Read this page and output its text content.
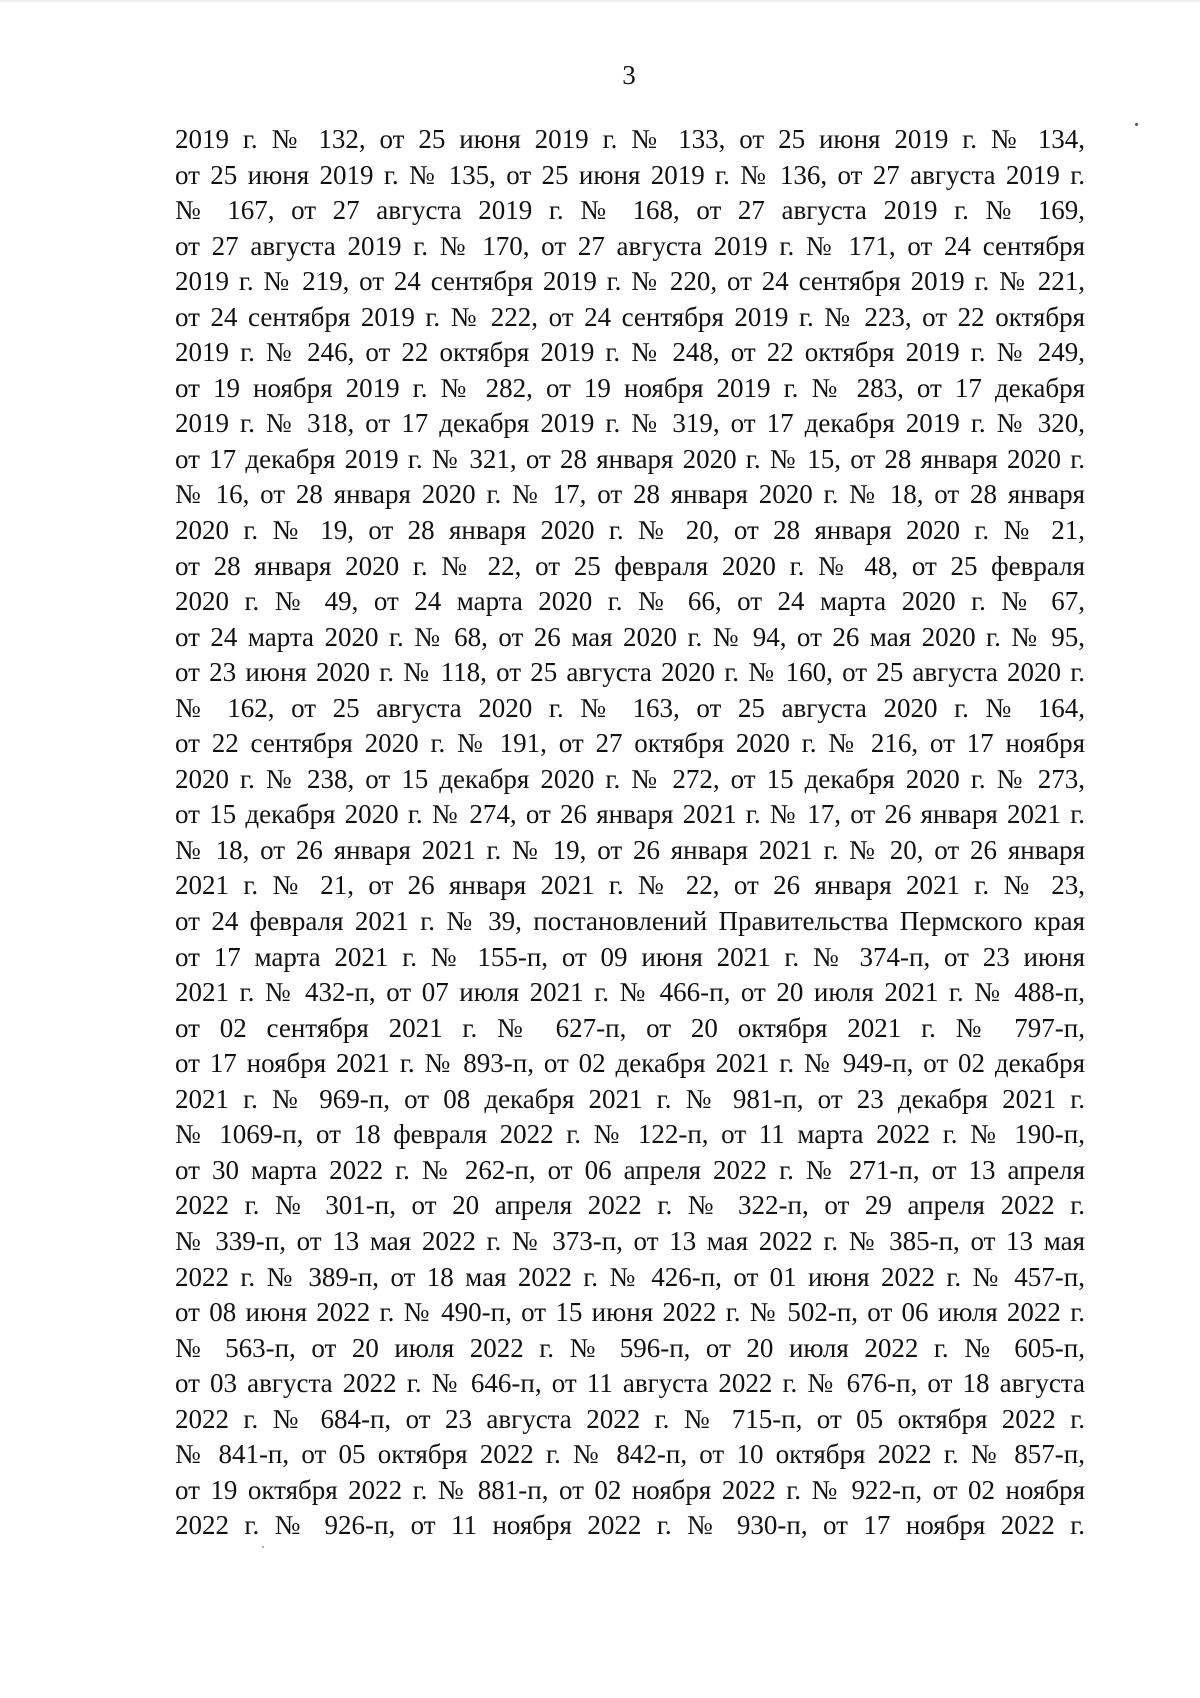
3
2019 г. № 132, от 25 июня 2019 г. № 133, от 25 июня 2019 г. № 134,
от 25 июня 2019 г. № 135, от 25 июня 2019 г. № 136, от 27 августа 2019 г.
№ 167, от 27 августа 2019 г. № 168, от 27 августа 2019 г. № 169,
от 27 августа 2019 г. № 170, от 27 августа 2019 г. № 171, от 24 сентября
2019 г. № 219, от 24 сентября 2019 г. № 220, от 24 сентября 2019 г. № 221,
от 24 сентября 2019 г. № 222, от 24 сентября 2019 г. № 223, от 22 октября
2019 г. № 246, от 22 октября 2019 г. № 248, от 22 октября 2019 г. № 249,
от 19 ноября 2019 г. № 282, от 19 ноября 2019 г. № 283, от 17 декабря
2019 г. № 318, от 17 декабря 2019 г. № 319, от 17 декабря 2019 г. № 320,
от 17 декабря 2019 г. № 321, от 28 января 2020 г. № 15, от 28 января 2020 г.
№ 16, от 28 января 2020 г. № 17, от 28 января 2020 г. № 18, от 28 января
2020 г. № 19, от 28 января 2020 г. № 20, от 28 января 2020 г. № 21,
от 28 января 2020 г. № 22, от 25 февраля 2020 г. № 48, от 25 февраля
2020 г. № 49, от 24 марта 2020 г. № 66, от 24 марта 2020 г. № 67,
от 24 марта 2020 г. № 68, от 26 мая 2020 г. № 94, от 26 мая 2020 г. № 95,
от 23 июня 2020 г. № 118, от 25 августа 2020 г. № 160, от 25 августа 2020 г.
№ 162, от 25 августа 2020 г. № 163, от 25 августа 2020 г. № 164,
от 22 сентября 2020 г. № 191, от 27 октября 2020 г. № 216, от 17 ноября
2020 г. № 238, от 15 декабря 2020 г. № 272, от 15 декабря 2020 г. № 273,
от 15 декабря 2020 г. № 274, от 26 января 2021 г. № 17, от 26 января 2021 г.
№ 18, от 26 января 2021 г. № 19, от 26 января 2021 г. № 20, от 26 января
2021 г. № 21, от 26 января 2021 г. № 22, от 26 января 2021 г. № 23,
от 24 февраля 2021 г. № 39, постановлений Правительства Пермского края
от 17 марта 2021 г. № 155-п, от 09 июня 2021 г. № 374-п, от 23 июня
2021 г. № 432-п, от 07 июля 2021 г. № 466-п, от 20 июля 2021 г. № 488-п,
от 02 сентября 2021 г. № 627-п, от 20 октября 2021 г. № 797-п,
от 17 ноября 2021 г. № 893-п, от 02 декабря 2021 г. № 949-п, от 02 декабря
2021 г. № 969-п, от 08 декабря 2021 г. № 981-п, от 23 декабря 2021 г.
№ 1069-п, от 18 февраля 2022 г. № 122-п, от 11 марта 2022 г. № 190-п,
от 30 марта 2022 г. № 262-п, от 06 апреля 2022 г. № 271-п, от 13 апреля
2022 г. № 301-п, от 20 апреля 2022 г. № 322-п, от 29 апреля 2022 г.
№ 339-п, от 13 мая 2022 г. № 373-п, от 13 мая 2022 г. № 385-п, от 13 мая
2022 г. № 389-п, от 18 мая 2022 г. № 426-п, от 01 июня 2022 г. № 457-п,
от 08 июня 2022 г. № 490-п, от 15 июня 2022 г. № 502-п, от 06 июля 2022 г.
№ 563-п, от 20 июля 2022 г. № 596-п, от 20 июля 2022 г. № 605-п,
от 03 августа 2022 г. № 646-п, от 11 августа 2022 г. № 676-п, от 18 августа
2022 г. № 684-п, от 23 августа 2022 г. № 715-п, от 05 октября 2022 г.
№ 841-п, от 05 октября 2022 г. № 842-п, от 10 октября 2022 г. № 857-п,
от 19 октября 2022 г. № 881-п, от 02 ноября 2022 г. № 922-п, от 02 ноября
2022 г. № 926-п, от 11 ноября 2022 г. № 930-п, от 17 ноября 2022 г.
